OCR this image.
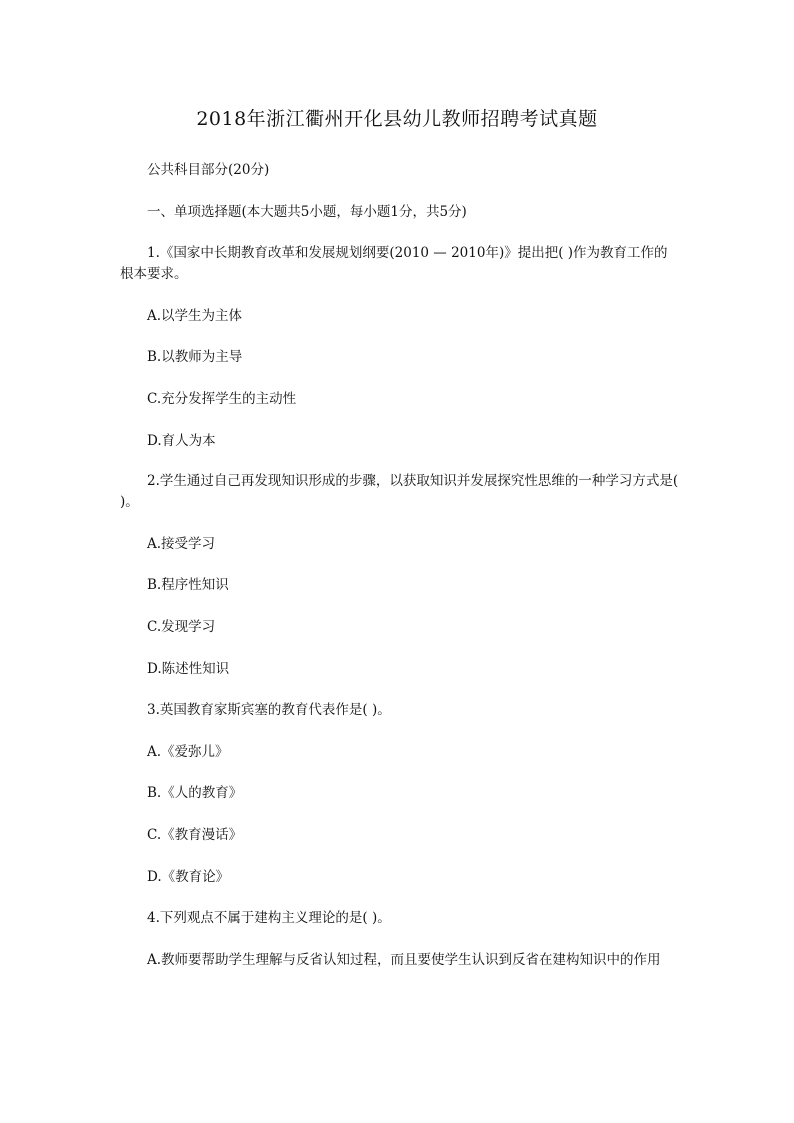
2018年浙江衢州开化县幼儿教师招聘考试真题

公共科目部分(20分)

一、单项选择题(本大题共5小题，每小题1分，共5分)

1.《国家中长期教育改革和发展规划纲要(2010 — 2010年)》提出把( )作为教育工作的根本要求。

A.以学生为主体

B.以教师为主导

C.充分发挥学生的主动性

D.育人为本

2.学生通过自己再发现知识形成的步骤，以获取知识并发展探究性思维的一种学习方式是( )。

A.接受学习

B.程序性知识

C.发现学习

D.陈述性知识

3.英国教育家斯宾塞的教育代表作是( )。

A.《爱弥儿》

B.《人的教育》

C.《教育漫话》

D.《教育论》

4.下列观点不属于建构主义理论的是( )。

A.教师要帮助学生理解与反省认知过程，而且要使学生认识到反省在建构知识中的作用
